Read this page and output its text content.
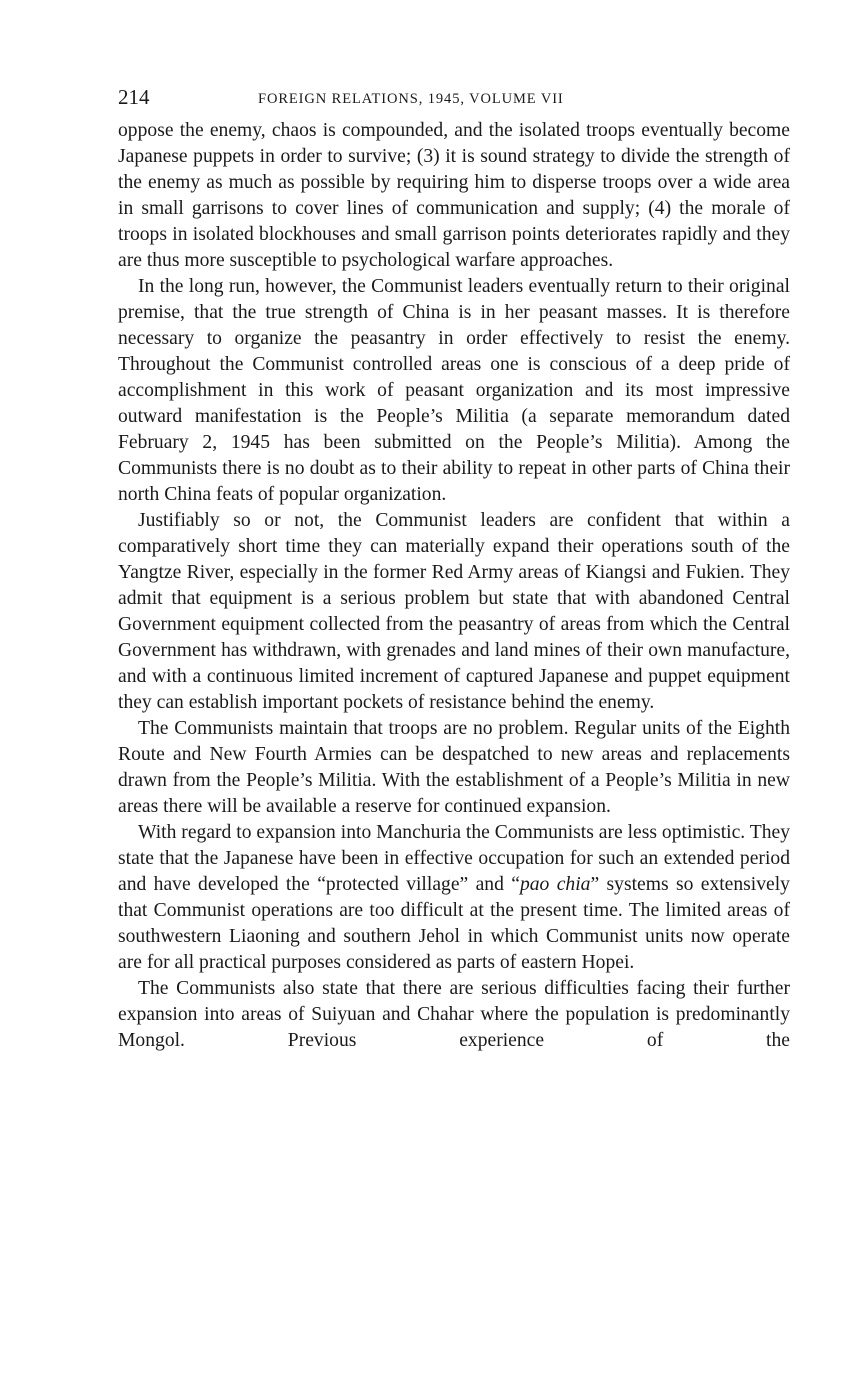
214	FOREIGN RELATIONS, 1945, VOLUME VII

oppose the enemy, chaos is compounded, and the isolated troops eventually become Japanese puppets in order to survive; (3) it is sound strategy to divide the strength of the enemy as much as possible by requiring him to disperse troops over a wide area in small garrisons to cover lines of communication and supply; (4) the morale of troops in isolated blockhouses and small garrison points deteriorates rapidly and they are thus more susceptible to psychological warfare approaches.

In the long run, however, the Communist leaders eventually return to their original premise, that the true strength of China is in her peasant masses. It is therefore necessary to organize the peasantry in order effectively to resist the enemy. Throughout the Communist controlled areas one is conscious of a deep pride of accomplishment in this work of peasant organization and its most impressive outward manifestation is the People’s Militia (a separate memorandum dated February 2, 1945 has been submitted on the People’s Militia). Among the Communists there is no doubt as to their ability to repeat in other parts of China their north China feats of popular organization.

Justifiably so or not, the Communist leaders are confident that within a comparatively short time they can materially expand their operations south of the Yangtze River, especially in the former Red Army areas of Kiangsi and Fukien. They admit that equipment is a serious problem but state that with abandoned Central Government equipment collected from the peasantry of areas from which the Central Government has withdrawn, with grenades and land mines of their own manufacture, and with a continuous limited increment of captured Japanese and puppet equipment they can establish important pockets of resistance behind the enemy.

The Communists maintain that troops are no problem. Regular units of the Eighth Route and New Fourth Armies can be despatched to new areas and replacements drawn from the People’s Militia. With the establishment of a People’s Militia in new areas there will be available a reserve for continued expansion.

With regard to expansion into Manchuria the Communists are less optimistic. They state that the Japanese have been in effective occupation for such an extended period and have developed the “protected village” and “pao chia” systems so extensively that Communist operations are too difficult at the present time. The limited areas of southwestern Liaoning and southern Jehol in which Communist units now operate are for all practical purposes considered as parts of eastern Hopei.

The Communists also state that there are serious difficulties facing their further expansion into areas of Suiyuan and Chahar where the population is predominantly Mongol. Previous experience of the
